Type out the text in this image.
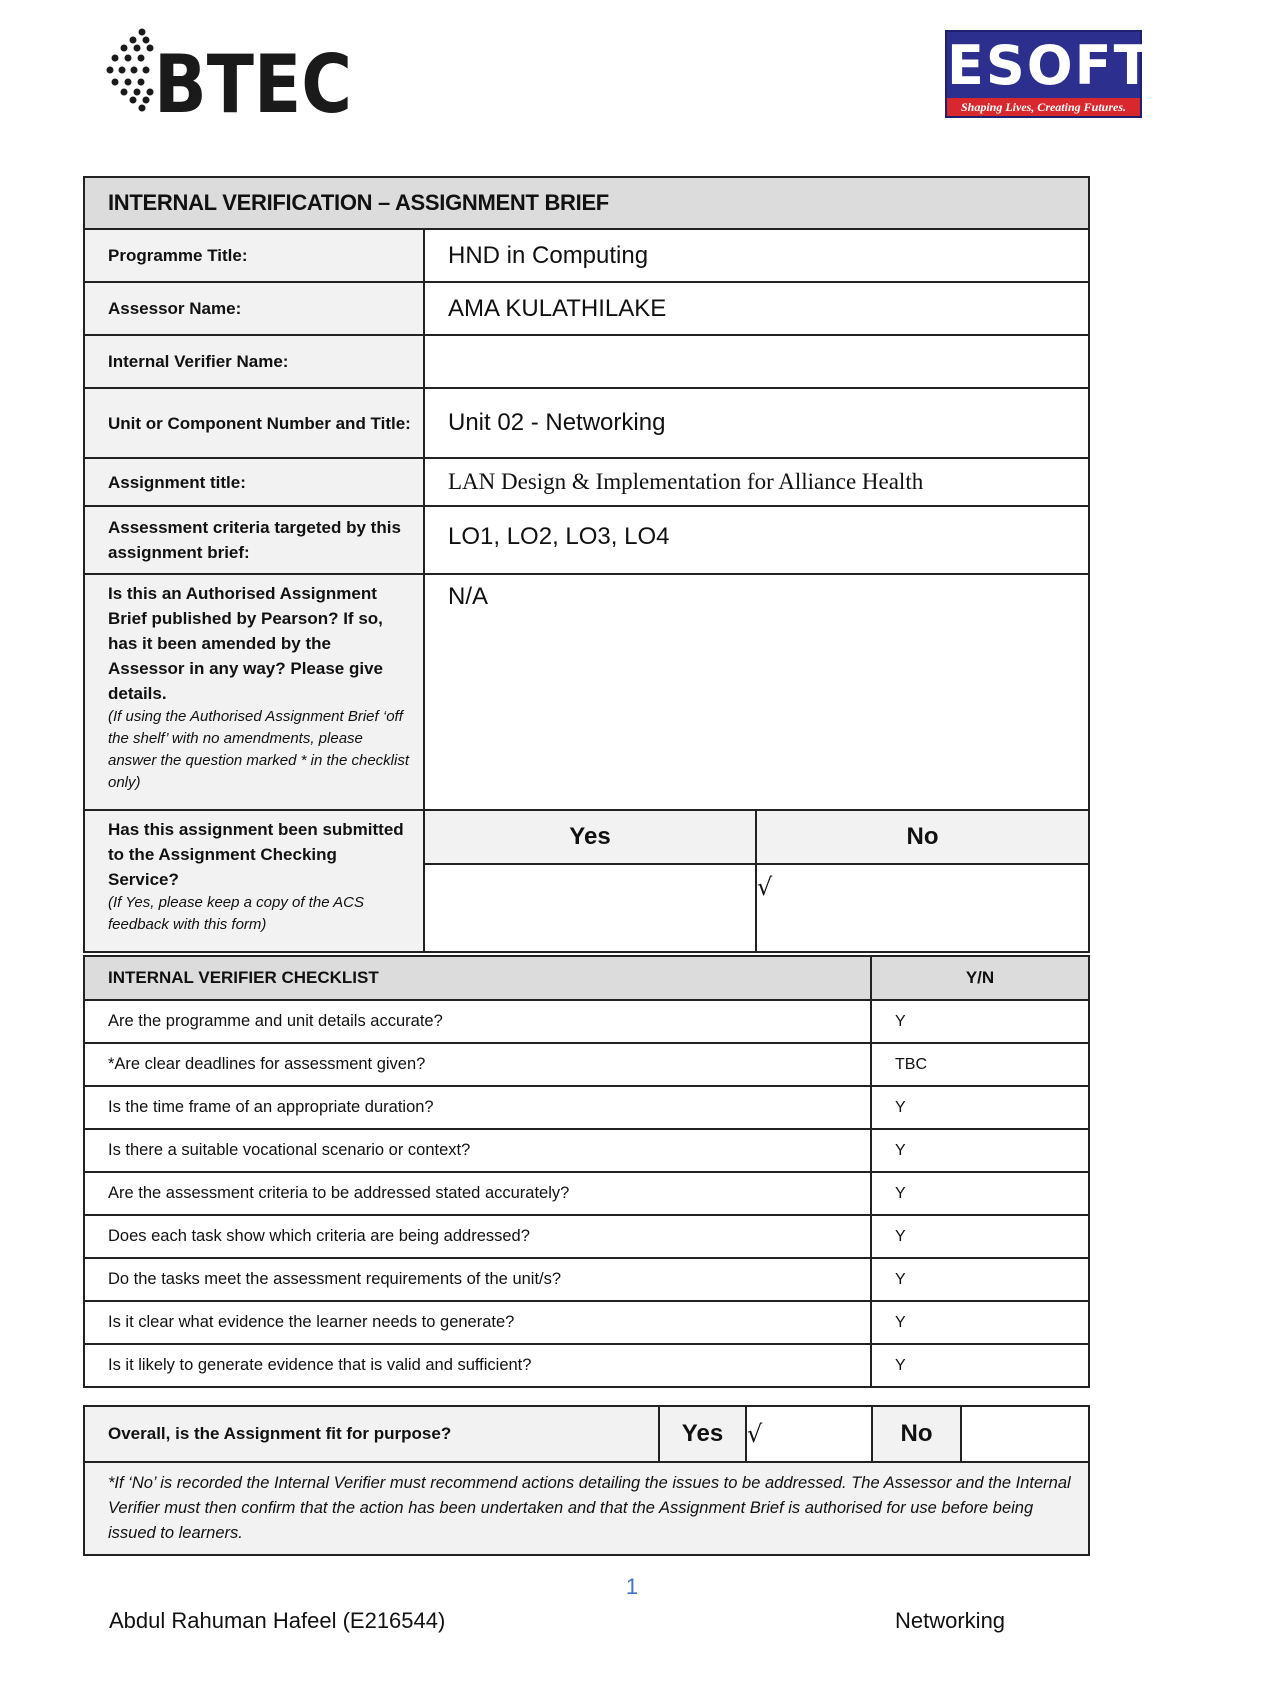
BTEC	ESOFT
Shaping Lives, Creating Futures.
INTERNAL VERIFICATION – ASSIGNMENT BRIEF		
Programme Title:	HND in Computing	
Assessor Name:	AMA KULATHILAKE	
Internal Verifier Name:		
Unit or Component Number and Title:	Unit 02 - Networking	
Assignment title:	LAN Design & Implementation for Alliance Health	
Assessment criteria targeted by this assignment brief:	LO1, LO2, LO3, LO4	
Is this an Authorised Assignment Brief published by Pearson? If so, has it been amended by the Assessor in any way? Please give details.
(If using the Authorised Assignment Brief ‘off the shelf’ with no amendments, please answer the question marked * in the checklist only)	N/A	
Has this assignment been submitted to the Assignment Checking Service?
(If Yes, please keep a copy of the ACS feedback with this form)	Yes	No
		√
INTERNAL VERIFIER CHECKLIST	Y/N
Are the programme and unit details accurate?	Y
*Are clear deadlines for assessment given?	TBC
Is the time frame of an appropriate duration?	Y
Is there a suitable vocational scenario or context?	Y
Are the assessment criteria to be addressed stated accurately?	Y
Does each task show which criteria are being addressed?	Y
Do the tasks meet the assessment requirements of the unit/s?	Y
Is it clear what evidence the learner needs to generate?	Y
Is it likely to generate evidence that is valid and sufficient?	Y
Overall, is the Assignment fit for purpose?	Yes	√	No	
*If ‘No’ is recorded the Internal Verifier must recommend actions detailing the issues to be addressed. The Assessor and the Internal Verifier must then confirm that the action has been undertaken and that the Assignment Brief is authorised for use before being issued to learners.
1
Abdul Rahuman Hafeel (E216544)	Networking
